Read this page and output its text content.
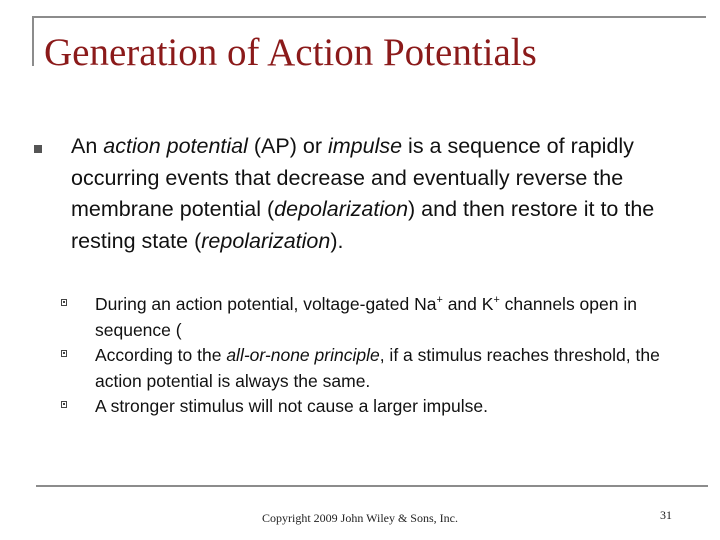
Generation of Action Potentials

An action potential (AP) or impulse is a sequence of rapidly occurring events that decrease and eventually reverse the membrane potential (depolarization) and then restore it to the resting state (repolarization).

During an action potential, voltage-gated Na+ and K+ channels open in sequence (

According to the all-or-none principle, if a stimulus reaches threshold, the action potential is always the same.

A stronger stimulus will not cause a larger impulse.

Copyright 2009 John Wiley & Sons, Inc.	31
